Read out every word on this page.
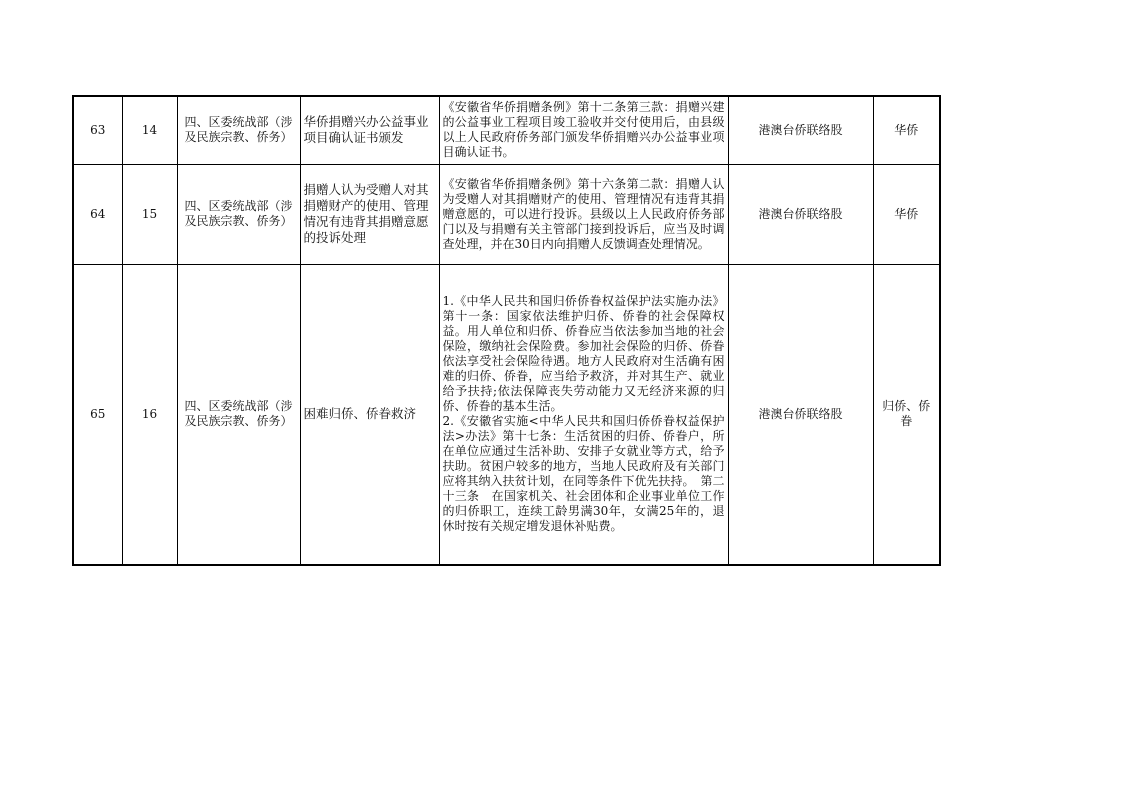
63	14	四、区委统战部（涉及民族宗教、侨务）	华侨捐赠兴办公益事业项目确认证书颁发	《安徽省华侨捐赠条例》第十二条第三款：捐赠兴建的公益事业工程项目竣工验收并交付使用后，由县级以上人民政府侨务部门颁发华侨捐赠兴办公益事业项目确认证书。	港澳台侨联络股	华侨
64	15	四、区委统战部（涉及民族宗教、侨务）	捐赠人认为受赠人对其捐赠财产的使用、管理情况有违背其捐赠意愿的投诉处理	《安徽省华侨捐赠条例》第十六条第二款：捐赠人认为受赠人对其捐赠财产的使用、管理情况有违背其捐赠意愿的，可以进行投诉。县级以上人民政府侨务部门以及与捐赠有关主管部门接到投诉后，应当及时调查处理，并在30日内向捐赠人反馈调查处理情况。	港澳台侨联络股	华侨
65	16	四、区委统战部（涉及民族宗教、侨务）	困难归侨、侨眷救济	1.《中华人民共和国归侨侨眷权益保护法实施办法》第十一条：国家依法维护归侨、侨眷的社会保障权益。用人单位和归侨、侨眷应当依法参加当地的社会保险，缴纳社会保险费。参加社会保险的归侨、侨眷依法享受社会保险待遇。地方人民政府对生活确有困难的归侨、侨眷，应当给予救济，并对其生产、就业给予扶持;依法保障丧失劳动能力又无经济来源的归侨、侨眷的基本生活。
2.《安徽省实施<中华人民共和国归侨侨眷权益保护法>办法》第十七条：生活贫困的归侨、侨眷户，所在单位应通过生活补助、安排子女就业等方式，给予扶助。贫困户较多的地方，当地人民政府及有关部门应将其纳入扶贫计划，在同等条件下优先扶持。　第二十三条　在国家机关、社会团体和企业事业单位工作的归侨职工，连续工龄男满30年，女满25年的，退休时按有关规定增发退休补贴费。	港澳台侨联络股	归侨、侨眷
